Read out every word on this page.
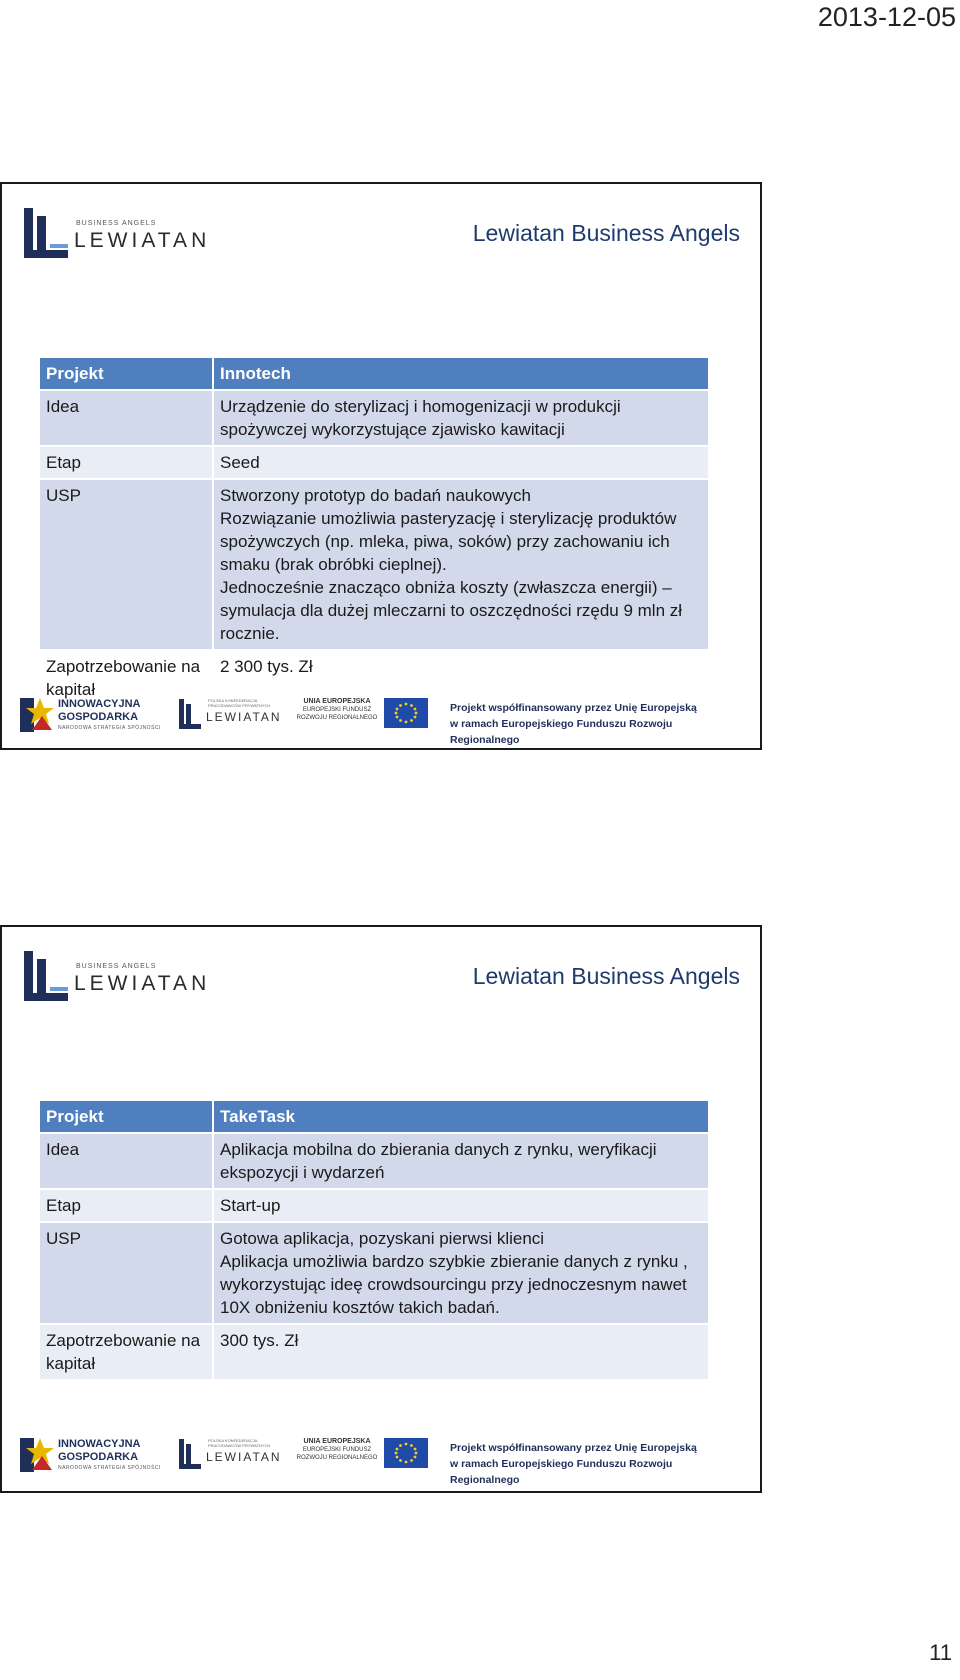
2013-12-05
BUSINESS ANGELS
LEWIATAN	Lewiatan Business Angels
Projekt	Innotech
Idea	Urządzenie do sterylizacj i homogenizacji w produkcji spożywczej wykorzystujące zjawisko kawitacji
Etap	Seed
USP	Stworzony prototyp do badań naukowych
Rozwiązanie umożliwia pasteryzację i sterylizację produktów spożywczych (np. mleka, piwa, soków) przy zachowaniu ich smaku (brak obróbki cieplnej).
Jednocześnie znacząco obniża koszty (zwłaszcza energii) – symulacja dla dużej mleczarni to oszczędności rzędu 9 mln zł rocznie.
Zapotrzebowanie na kapitał	2 300 tys. Zł
INNOWACYJNA
GOSPODARKA
NARODOWA STRATEGIA SPÓJNOŚCI
POLSKA KONFEDERACJA PRACODAWCÓW PRYWATNYCH
LEWIATAN
UNIA EUROPEJSKA
EUROPEJSKI FUNDUSZ
ROZWOJU REGIONALNEGO
Projekt współfinansowany przez Unię Europejską
w ramach Europejskiego Funduszu Rozwoju Regionalnego
BUSINESS ANGELS
LEWIATAN	Lewiatan Business Angels
Projekt	TakeTask
Idea	Aplikacja mobilna do zbierania danych z rynku, weryfikacji ekspozycji i wydarzeń
Etap	Start-up
USP	Gotowa aplikacja, pozyskani pierwsi klienci
Aplikacja umożliwia bardzo szybkie zbieranie danych z rynku , wykorzystując ideę crowdsourcingu przy jednoczesnym nawet 10X obniżeniu kosztów takich badań.
Zapotrzebowanie na kapitał	300 tys. Zł
INNOWACYJNA
GOSPODARKA
NARODOWA STRATEGIA SPÓJNOŚCI
POLSKA KONFEDERACJA PRACODAWCÓW PRYWATNYCH
LEWIATAN
UNIA EUROPEJSKA
EUROPEJSKI FUNDUSZ
ROZWOJU REGIONALNEGO
Projekt współfinansowany przez Unię Europejską
w ramach Europejskiego Funduszu Rozwoju Regionalnego
11
